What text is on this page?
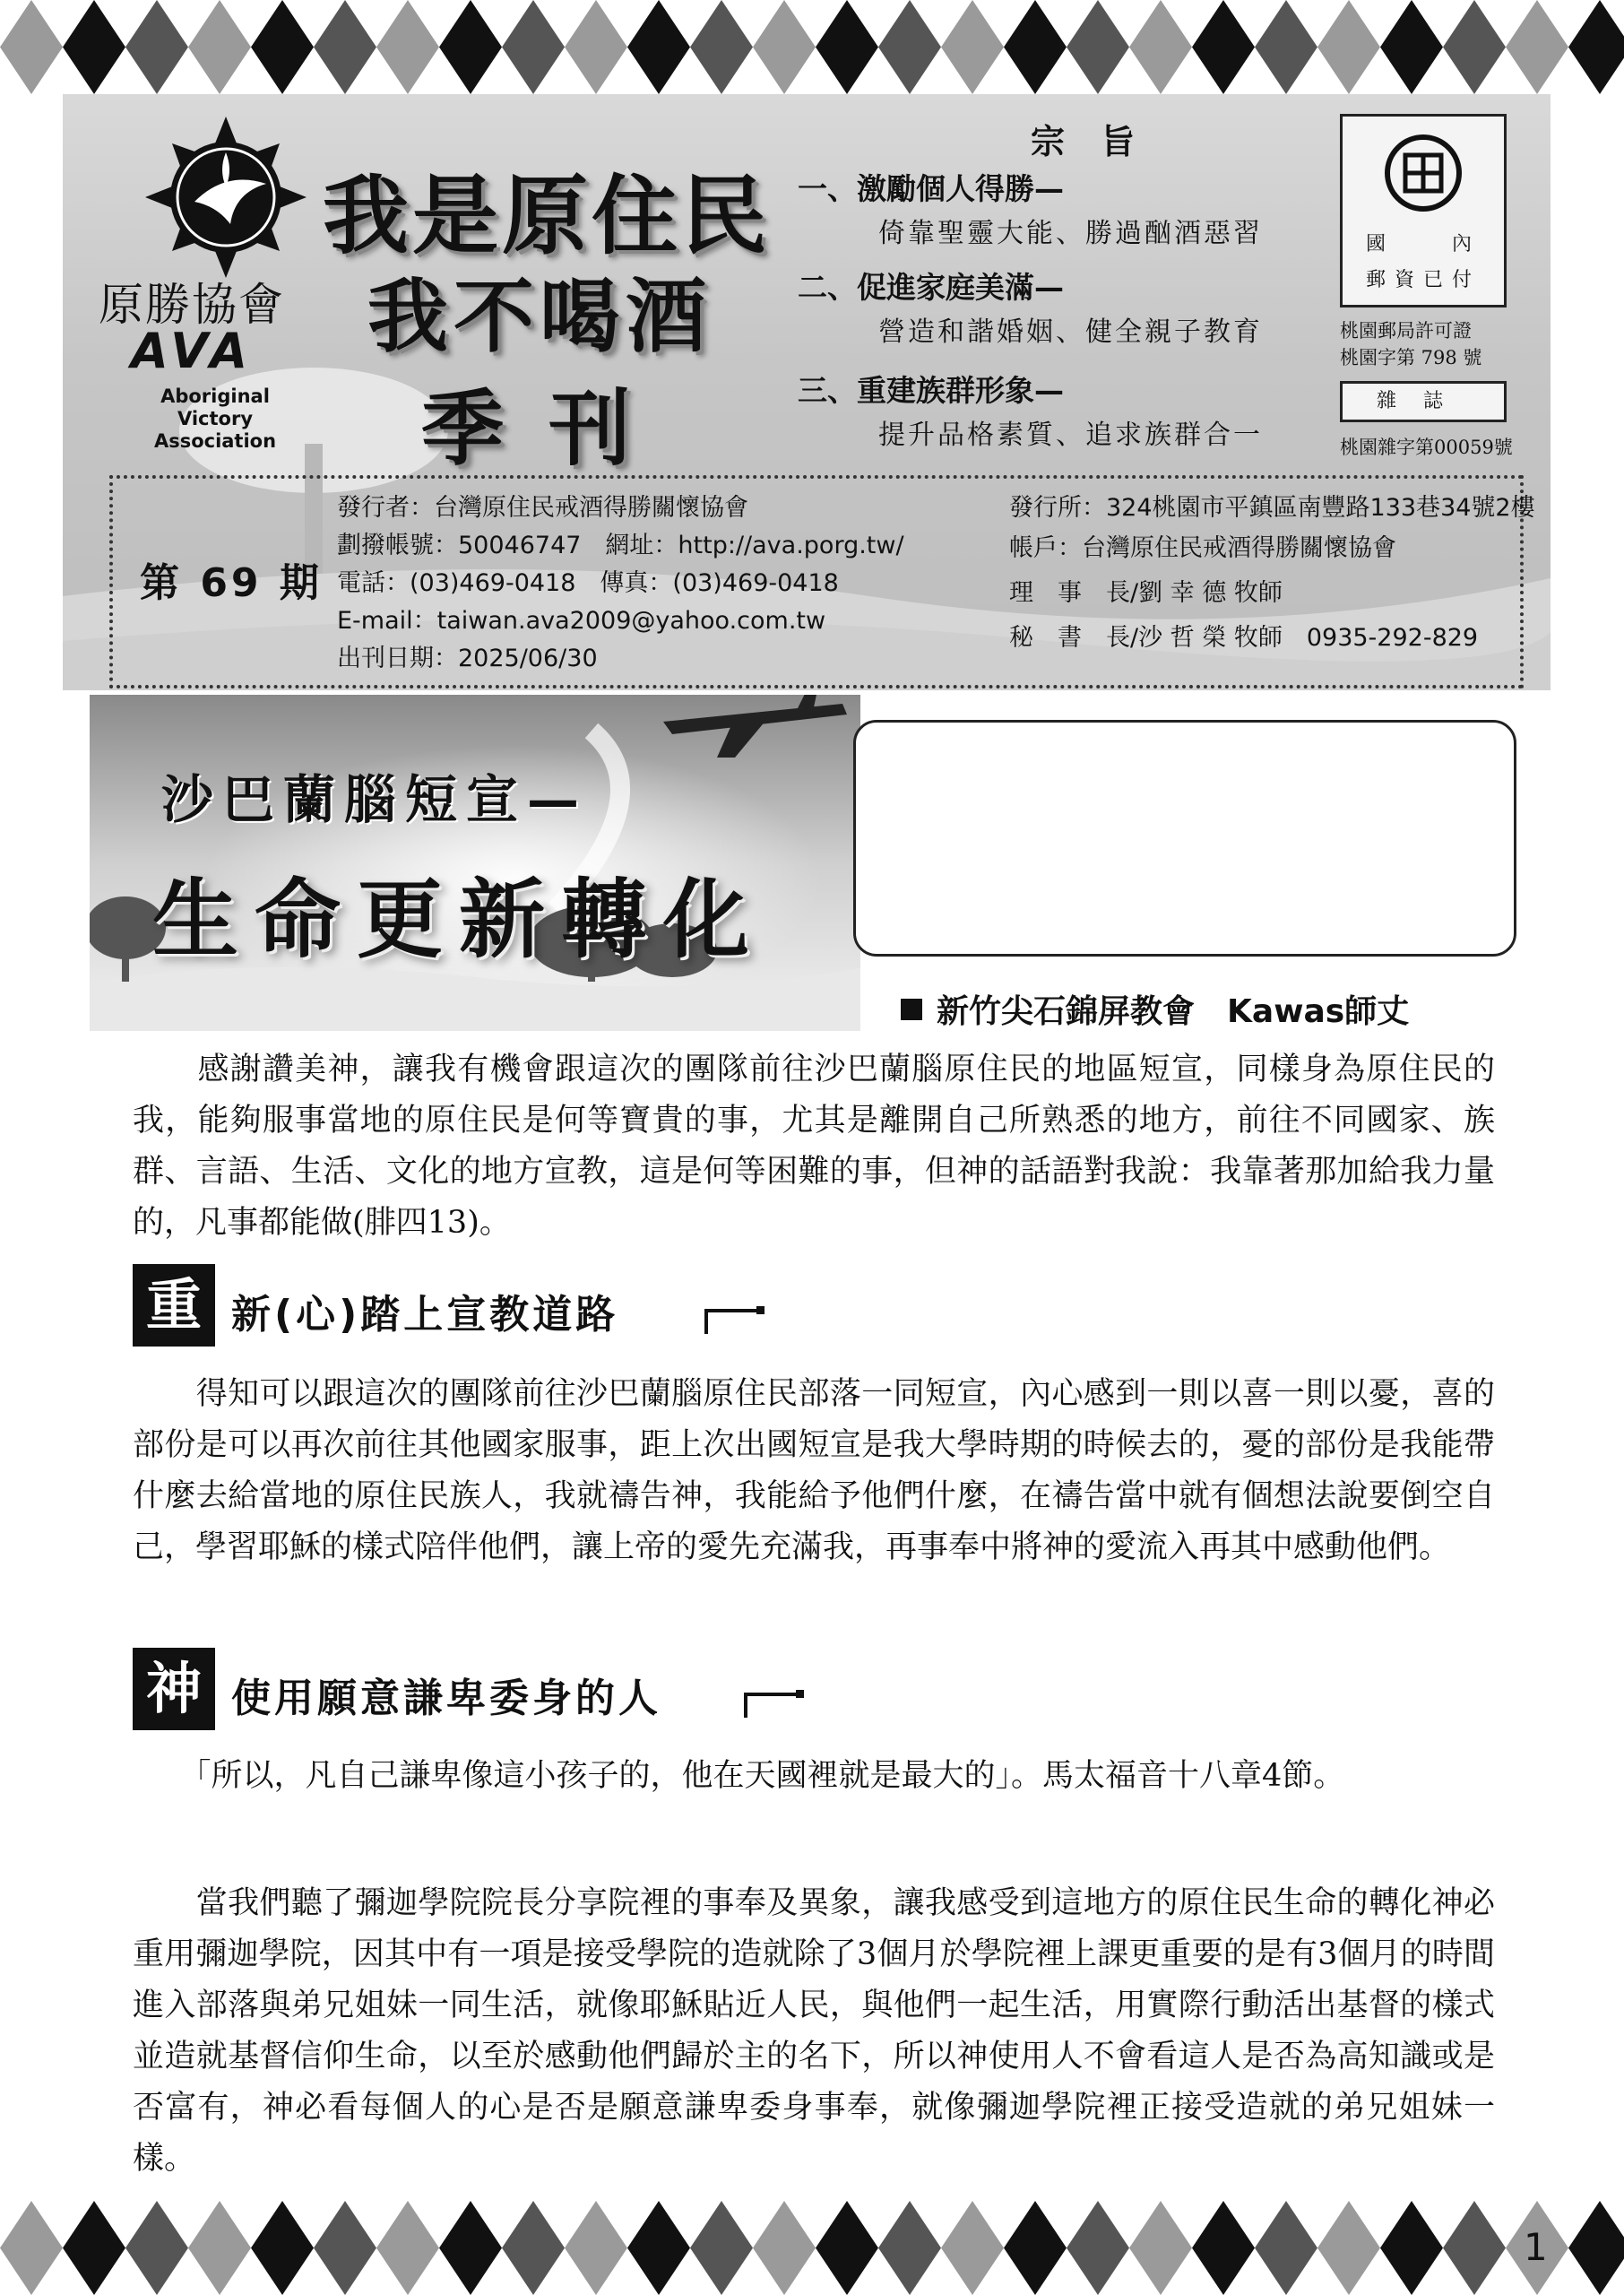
原勝協會
AVA
Aboriginal
Victory
Association
我是原住民
我不喝酒
季刊
宗旨
一、激勵個人得勝—
倚靠聖靈大能、勝過酗酒惡習
二、促進家庭美滿—
營造和諧婚姻、健全親子教育
三、重建族群形象—
提升品格素質、追求族群合一
國　　內
郵資已付
桃園郵局許可證
桃園字第 798 號
雜誌
桃園雜字第00059號
第 69 期
發行者：台灣原住民戒酒得勝關懷協會
劃撥帳號：50046747　網址：http://ava.porg.tw/
電話：(03)469-0418　傳真：(03)469-0418
E-mail：taiwan.ava2009@yahoo.com.tw
出刊日期：2025/06/30
發行所：324桃園市平鎮區南豐路133巷34號2樓
帳戶：台灣原住民戒酒得勝關懷協會
理　事　長/劉 幸 德 牧師
秘　書　長/沙 哲 榮 牧師　0935-292-829
沙巴蘭腦短宣—
生命更新轉化
新竹尖石錦屏教會　Kawas師丈

　　感謝讚美神，讓我有機會跟這次的團隊前往沙巴蘭腦原住民的地區短宣，同樣身為原住民的我，能夠服事當地的原住民是何等寶貴的事，尤其是離開自己所熟悉的地方，前往不同國家、族群、言語、生活、文化的地方宣教，這是何等困難的事，但神的話語對我說：我靠著那加給我力量的，凡事都能做(腓四13)。

重 新(心)踏上宣教道路

　　得知可以跟這次的團隊前往沙巴蘭腦原住民部落一同短宣，內心感到一則以喜一則以憂，喜的部份是可以再次前往其他國家服事，距上次出國短宣是我大學時期的時候去的，憂的部份是我能帶什麼去給當地的原住民族人，我就禱告神，我能給予他們什麼，在禱告當中就有個想法說要倒空自己，學習耶穌的樣式陪伴他們，讓上帝的愛先充滿我，再事奉中將神的愛流入再其中感動他們。

神 使用願意謙卑委身的人

　　「所以，凡自己謙卑像這小孩子的，他在天國裡就是最大的」。馬太福音十八章4節。

　　當我們聽了彌迦學院院長分享院裡的事奉及異象，讓我感受到這地方的原住民生命的轉化神必重用彌迦學院，因其中有一項是接受學院的造就除了3個月於學院裡上課更重要的是有3個月的時間進入部落與弟兄姐妹一同生活，就像耶穌貼近人民，與他們一起生活，用實際行動活出基督的樣式並造就基督信仰生命，以至於感動他們歸於主的名下，所以神使用人不會看這人是否為高知識或是否富有，神必看每個人的心是否是願意謙卑委身事奉，就像彌迦學院裡正接受造就的弟兄姐妹一樣。

1
